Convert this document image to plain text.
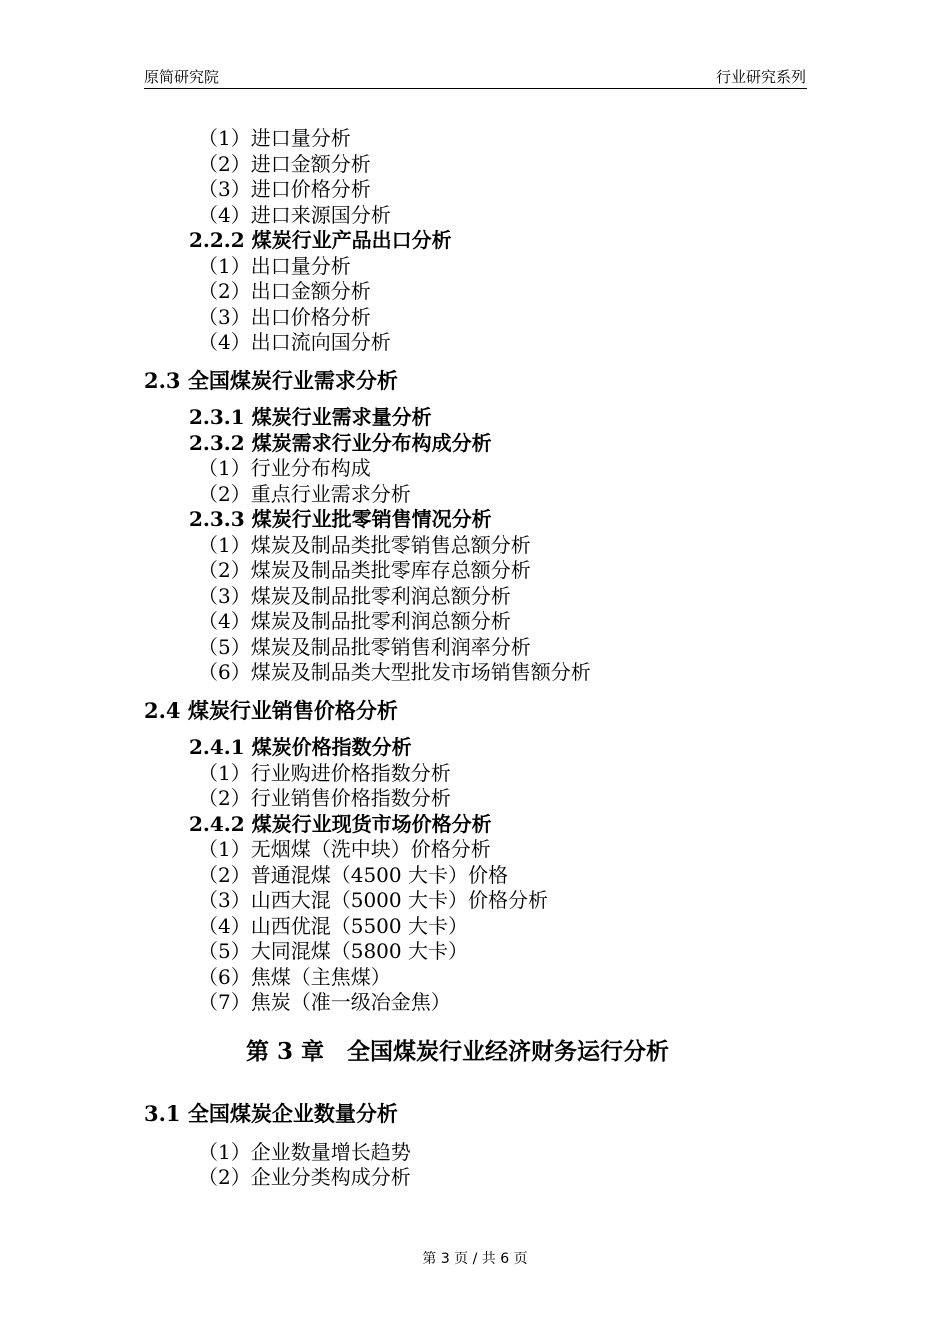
原简研究院	行业研究系列
（1）进口量分析
（2）进口金额分析
（3）进口价格分析
（4）进口来源国分析
2.2.2 煤炭行业产品出口分析
（1）出口量分析
（2）出口金额分析
（3）出口价格分析
（4）出口流向国分析
2.3 全国煤炭行业需求分析
2.3.1 煤炭行业需求量分析
2.3.2 煤炭需求行业分布构成分析
（1）行业分布构成
（2）重点行业需求分析
2.3.3 煤炭行业批零销售情况分析
（1）煤炭及制品类批零销售总额分析
（2）煤炭及制品类批零库存总额分析
（3）煤炭及制品批零利润总额分析
（4）煤炭及制品批零利润总额分析
（5）煤炭及制品批零销售利润率分析
（6）煤炭及制品类大型批发市场销售额分析
2.4 煤炭行业销售价格分析
2.4.1 煤炭价格指数分析
（1）行业购进价格指数分析
（2）行业销售价格指数分析
2.4.2 煤炭行业现货市场价格分析
（1）无烟煤（洗中块）价格分析
（2）普通混煤（4500 大卡）价格
（3）山西大混（5000 大卡）价格分析
（4）山西优混（5500 大卡）
（5）大同混煤（5800 大卡）
（6）焦煤（主焦煤）
（7）焦炭（准一级冶金焦）
第 3 章　全国煤炭行业经济财务运行分析
3.1 全国煤炭企业数量分析
（1）企业数量增长趋势
（2）企业分类构成分析
第 3 页 / 共 6 页
